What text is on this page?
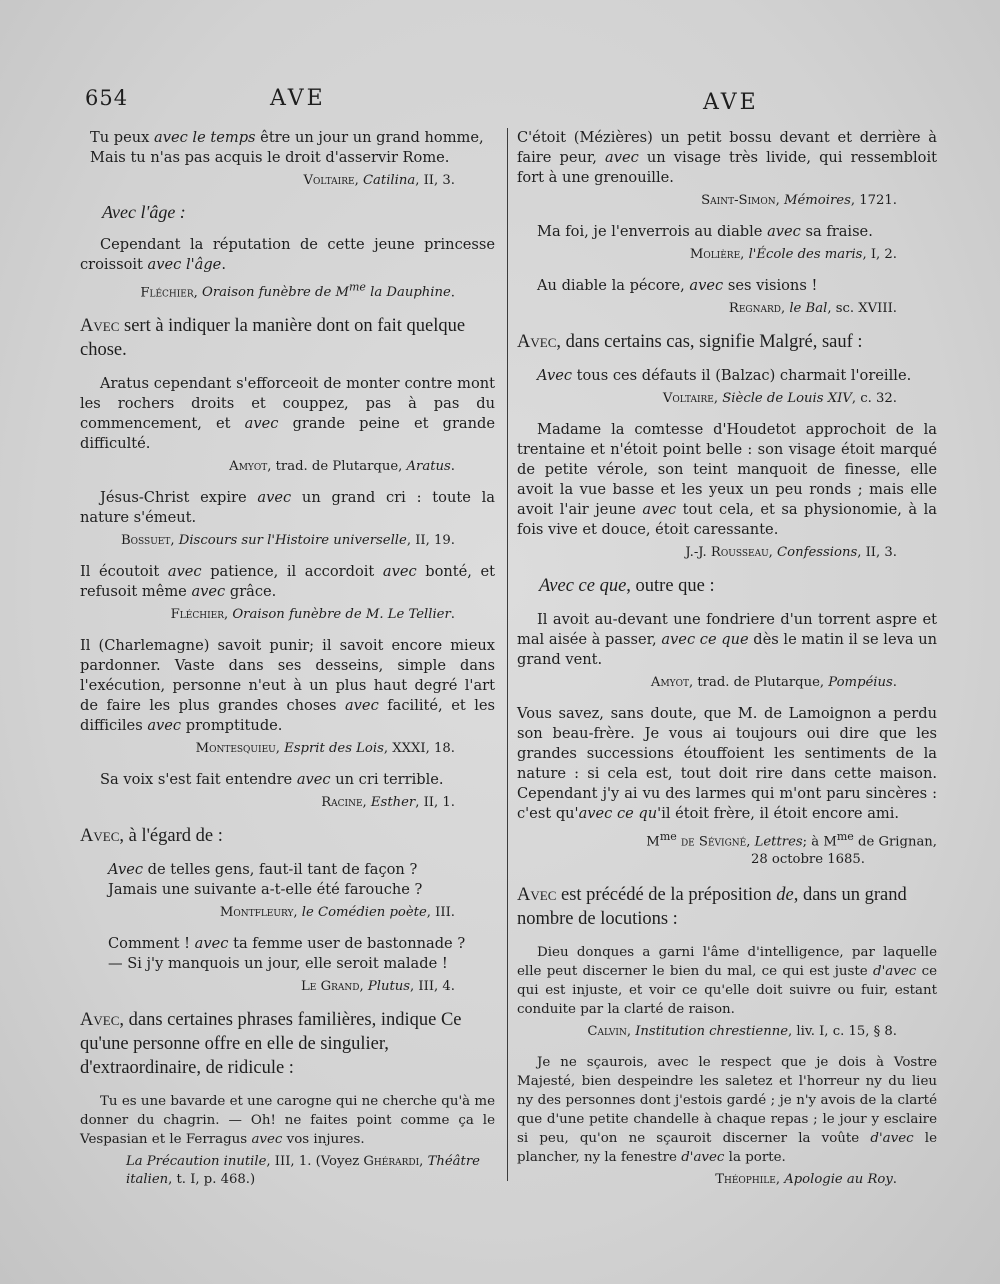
654	AVE	AVE

Tu peux avec le temps être un jour un grand homme,
Mais tu n'as pas acquis le droit d'asservir Rome.

Voltaire, Catilina, II, 3.

Avec l'âge :

Cependant la réputation de cette jeune princesse croissoit avec l'âge.

Fléchier, Oraison funèbre de $M^{me}$ la Dauphine.

Avec sert à indiquer la manière dont on fait quelque chose.

Aratus cependant s'efforceoit de monter contre mont les rochers droits et couppez, pas à pas du commencement, et avec grande peine et grande difficulté.

Amyot, trad. de Plutarque, Aratus.

Jésus-Christ expire avec un grand cri : toute la nature s'émeut.

Bossuet, Discours sur l'Histoire universelle, II, 19.

Il écoutoit avec patience, il accordoit avec bonté, et refusoit même avec grâce.

Fléchier, Oraison funèbre de M. Le Tellier.

Il (Charlemagne) savoit punir; il savoit encore mieux pardonner. Vaste dans ses desseins, simple dans l'exécution, personne n'eut à un plus haut degré l'art de faire les plus grandes choses avec facilité, et les difficiles avec promptitude.

Montesquieu, Esprit des Lois, XXXI, 18.

Sa voix s'est fait entendre avec un cri terrible.

Racine, Esther, II, 1.

Avec, à l'égard de :

Avec de telles gens, faut-il tant de façon ?
Jamais une suivante a-t-elle été farouche ?

Montfleury, le Comédien poète, III.

Comment ! avec ta femme user de bastonnade ?
— Si j'y manquois un jour, elle seroit malade !

Le Grand, Plutus, III, 4.

Avec, dans certaines phrases familières, indique Ce qu'une personne offre en elle de singulier, d'extraordinaire, de ridicule :

Tu es une bavarde et une carogne qui ne cherche qu'à me donner du chagrin. — Oh! ne faites point comme ça le Vespasian et le Ferragus avec vos injures.

La Précaution inutile, III, 1. (Voyez Ghérardi, Théâtre italien, t. I, p. 468.)

C'étoit (Mézières) un petit bossu devant et derrière à faire peur, avec un visage très livide, qui ressembloit fort à une grenouille.

Saint-Simon, Mémoires, 1721.

Ma foi, je l'enverrois au diable avec sa fraise.

Molière, l'École des maris, I, 2.

Au diable la pécore, avec ses visions !

Regnard, le Bal, sc. XVIII.

Avec, dans certains cas, signifie Malgré, sauf :

Avec tous ces défauts il (Balzac) charmait l'oreille.

Voltaire, Siècle de Louis XIV, c. 32.

Madame la comtesse d'Houdetot approchoit de la trentaine et n'étoit point belle : son visage étoit marqué de petite vérole, son teint manquoit de finesse, elle avoit la vue basse et les yeux un peu ronds ; mais elle avoit l'air jeune avec tout cela, et sa physionomie, à la fois vive et douce, étoit caressante.

J.-J. Rousseau, Confessions, II, 3.

Avec ce que, outre que :

Il avoit au-devant une fondriere d'un torrent aspre et mal aisée à passer, avec ce que dès le matin il se leva un grand vent.

Amyot, trad. de Plutarque, Pompéius.

Vous savez, sans doute, que M. de Lamoignon a perdu son beau-frère. Je vous ai toujours oui dire que les grandes successions étouffoient les sentiments de la nature : si cela est, tout doit rire dans cette maison. Cependant j'y ai vu des larmes qui m'ont paru sincères : c'est qu'avec ce qu'il étoit frère, il étoit encore ami.

$M^{me}$ de Sévigné, Lettres; à $M^{me}$ de Grignan,

28 octobre 1685.

Avec est précédé de la préposition de, dans un grand nombre de locutions :

Dieu donques a garni l'âme d'intelligence, par laquelle elle peut discerner le bien du mal, ce qui est juste d'avec ce qui est injuste, et voir ce qu'elle doit suivre ou fuir, estant conduite par la clarté de raison.

Calvin, Institution chrestienne, liv. I, c. 15, § 8.

Je ne sçaurois, avec le respect que je dois à Vostre Majesté, bien despeindre les saletez et l'horreur ny du lieu ny des personnes dont j'estois gardé ; je n'y avois de la clarté que d'une petite chandelle à chaque repas ; le jour y esclaire si peu, qu'on ne sçauroit discerner la voûte d'avec le plancher, ny la fenestre d'avec la porte.

Théophile, Apologie au Roy.
